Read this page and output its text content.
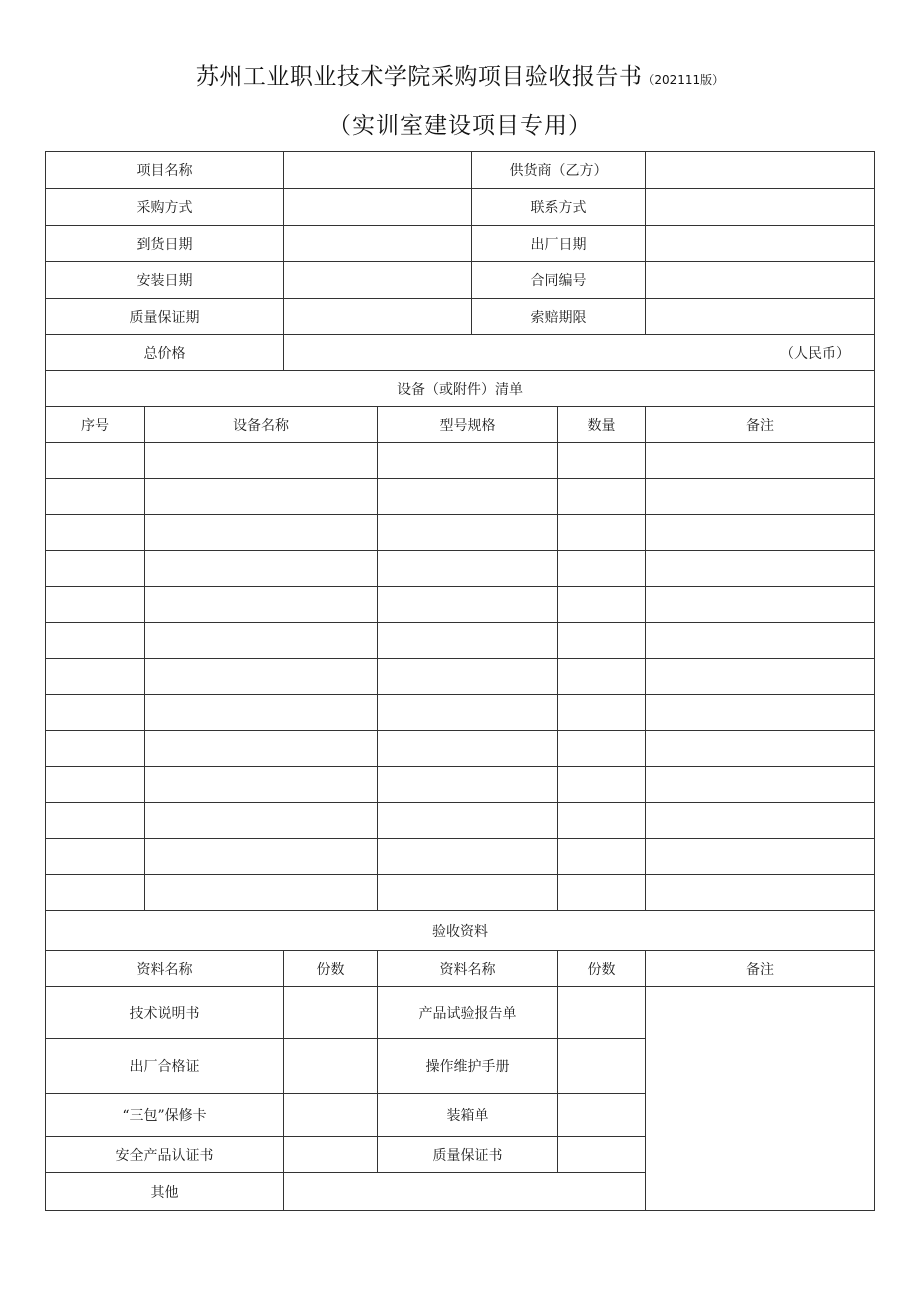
苏州工业职业技术学院采购项目验收报告书（202111版）
（实训室建设项目专用）
项目名称				供货商（乙方）		
采购方式				联系方式		
到货日期				出厂日期		
安装日期				合同编号		
质量保证期				索赔期限		
总价格		（人民币）				
设备（或附件）清单						
序号	设备名称		型号规格		数量	备注

验收资料						
资料名称		份数	资料名称		份数	备注
技术说明书			产品试验报告单			
出厂合格证			操作维护手册			
“三包”保修卡			装箱单			
安全产品认证书			质量保证书			
其他						
